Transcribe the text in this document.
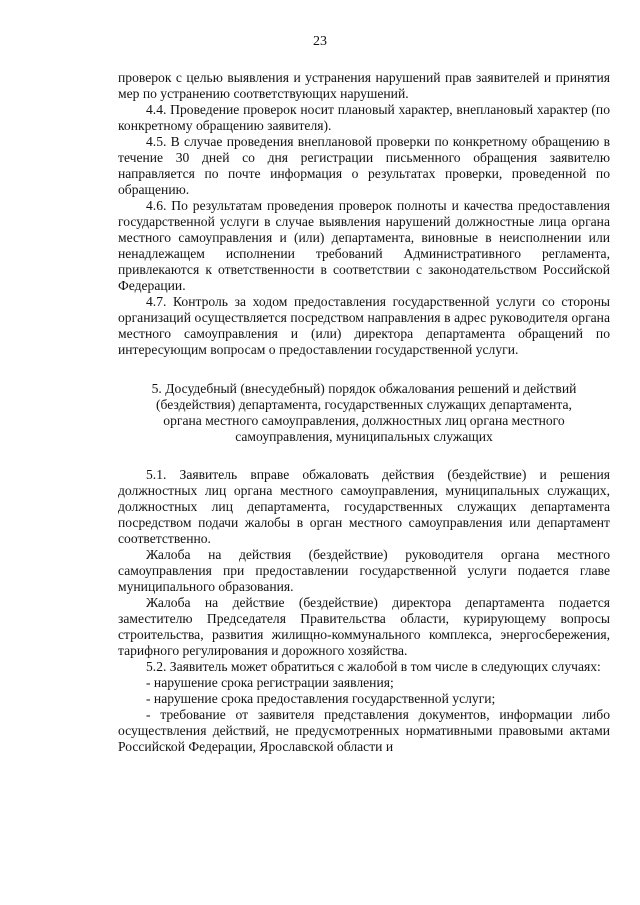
23

проверок с целью выявления и устранения нарушений прав заявителей и принятия мер по устранению соответствующих нарушений.

4.4. Проведение проверок носит плановый характер, внеплановый характер (по конкретному обращению заявителя).

4.5. В случае проведения внеплановой проверки по конкретному обращению в течение 30 дней со дня регистрации письменного обращения заявителю направляется по почте информация о результатах проверки, проведенной по обращению.

4.6. По результатам проведения проверок полноты и качества предоставления государственной услуги в случае выявления нарушений должностные лица органа местного самоуправления и (или) департамента, виновные в неисполнении или ненадлежащем исполнении требований Административного регламента, привлекаются к ответственности в соответствии с законодательством Российской Федерации.

4.7. Контроль за ходом предоставления государственной услуги со стороны организаций осуществляется посредством направления в адрес руководителя органа местного самоуправления и (или) директора департамента обращений по интересующим вопросам о предоставлении государственной услуги.

5. Досудебный (внесудебный) порядок обжалования решений и действий
(бездействия) департамента, государственных служащих департамента,
органа местного самоуправления, должностных лиц органа местного
самоуправления, муниципальных служащих

5.1. Заявитель вправе обжаловать действия (бездействие) и решения должностных лиц органа местного самоуправления, муниципальных служащих, должностных лиц департамента, государственных служащих департамента посредством подачи жалобы в орган местного самоуправления или департамент соответственно.

Жалоба на действия (бездействие) руководителя органа местного самоуправления при предоставлении государственной услуги подается главе муниципального образования.

Жалоба на действие (бездействие) директора департамента подается заместителю Председателя Правительства области, курирующему вопросы строительства, развития жилищно-коммунального комплекса, энергосбережения, тарифного регулирования и дорожного хозяйства.

5.2. Заявитель может обратиться с жалобой в том числе в следующих случаях:

- нарушение срока регистрации заявления;

- нарушение срока предоставления государственной услуги;

- требование от заявителя представления документов, информации либо осуществления действий, не предусмотренных нормативными правовыми актами Российской Федерации, Ярославской области и
